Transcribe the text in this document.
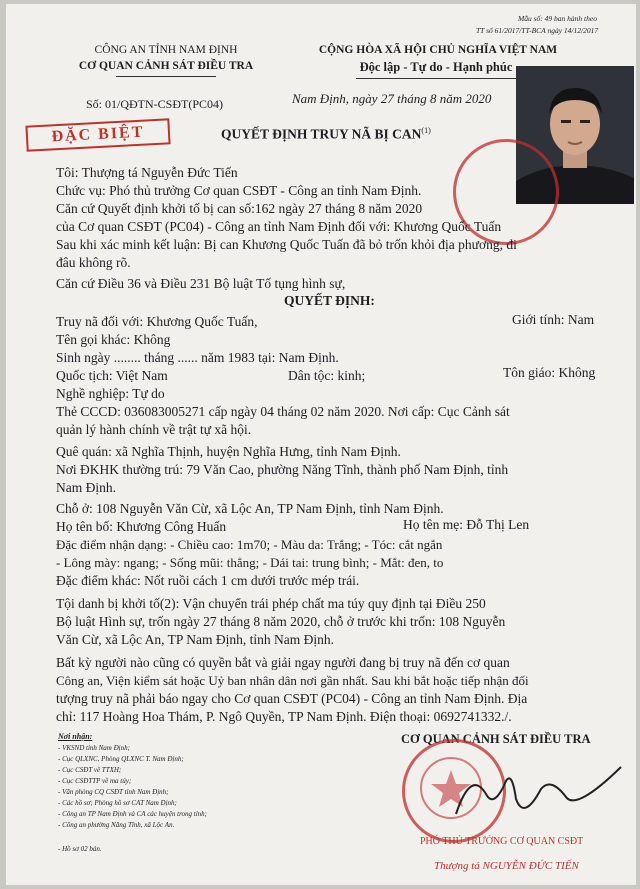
Mẫu số: 49 ban hành theo
TT số 61/2017/TT-BCA ngày 14/12/2017
CÔNG AN TỈNH NAM ĐỊNH
CƠ QUAN CẢNH SÁT ĐIỀU TRA
CỘNG HÒA XÃ HỘI CHỦ NGHĨA VIỆT NAM
Độc lập - Tự do - Hạnh phúc
Số: 01/QĐTN-CSĐT(PC04)	Nam Định, ngày 27 tháng 8 năm 2020
ĐẶC BIỆT	QUYẾT ĐỊNH TRUY NÃ BỊ CAN$^{(1)}$
Tôi: Thượng tá Nguyễn Đức Tiến
Chức vụ: Phó thủ trưởng Cơ quan CSĐT - Công an tỉnh Nam Định.
Căn cứ Quyết định khởi tố bị can số:162 ngày 27 tháng 8 năm 2020
của Cơ quan CSĐT (PC04) - Công an tỉnh Nam Định đối với: Khương Quốc Tuấn
Sau khi xác minh kết luận: Bị can Khương Quốc Tuấn đã bỏ trốn khỏi địa phương, đi
đâu không rõ.
Căn cứ Điều 36 và Điều 231 Bộ luật Tố tụng hình sự,
QUYẾT ĐỊNH:
Truy nã đối với: Khương Quốc Tuấn,	Giới tính: Nam
Tên gọi khác: Không
Sinh ngày ........ tháng ...... năm 1983 tại: Nam Định.
Quốc tịch: Việt Nam	Dân tộc: kinh;	Tôn giáo: Không
Nghề nghiệp: Tự do
Thẻ CCCD: 036083005271 cấp ngày 04 tháng 02 năm 2020. Nơi cấp: Cục Cảnh sát
quản lý hành chính về trật tự xã hội.
Quê quán: xã Nghĩa Thịnh, huyện Nghĩa Hưng, tỉnh Nam Định.
Nơi ĐKHK thường trú: 79 Văn Cao, phường Năng Tĩnh, thành phố Nam Định, tỉnh
Nam Định.
Chỗ ở: 108 Nguyễn Văn Cừ, xã Lộc An, TP Nam Định, tỉnh Nam Định.
Họ tên bố: Khương Công Huấn	Họ tên mẹ: Đỗ Thị Len
Đặc điểm nhận dạng: - Chiều cao: 1m70; - Màu da: Trắng; - Tóc: cắt ngắn
- Lông mày: ngang; - Sống mũi: thẳng; - Dái tai: trung bình; - Mắt: đen, to
Đặc điểm khác: Nốt ruồi cách 1 cm dưới trước mép trái.
Tội danh bị khởi tố(2): Vận chuyển trái phép chất ma túy quy định tại Điều 250
Bộ luật Hình sự, trốn ngày 27 tháng 8 năm 2020, chỗ ở trước khi trốn: 108 Nguyễn
Văn Cừ, xã Lộc An, TP Nam Định, tỉnh Nam Định.
Bất kỳ người nào cũng có quyền bắt và giải ngay người đang bị truy nã đến cơ quan
Công an, Viện kiểm sát hoặc Uỷ ban nhân dân nơi gần nhất. Sau khi bắt hoặc tiếp nhận đối
tượng truy nã phải báo ngay cho Cơ quan CSĐT (PC04) - Công an tỉnh Nam Định. Địa
chỉ: 117 Hoàng Hoa Thám, P. Ngô Quyền, TP Nam Định. Điện thoại: 0692741332./.
Nơi nhận:
- VKSND tỉnh Nam Định;
- Cục QLXNC, Phòng QLXNC T. Nam Định;
- Cục CSĐT về TTXH;
- Cục CSĐTTP về ma túy;
- Văn phòng CQ CSĐT tỉnh Nam Định;
- Các hồ sơ; Phòng hồ sơ CAT Nam Định;
- Công an TP Nam Định và CA các huyện trong tỉnh;
- Công an phường Năng Tĩnh, xã Lộc An.
- Hồ sơ 02 bản.
CƠ QUAN CẢNH SÁT ĐIỀU TRA
PHÓ THỦ TRƯỞNG CƠ QUAN CSĐT
Thượng tá NGUYỄN ĐỨC TIẾN
